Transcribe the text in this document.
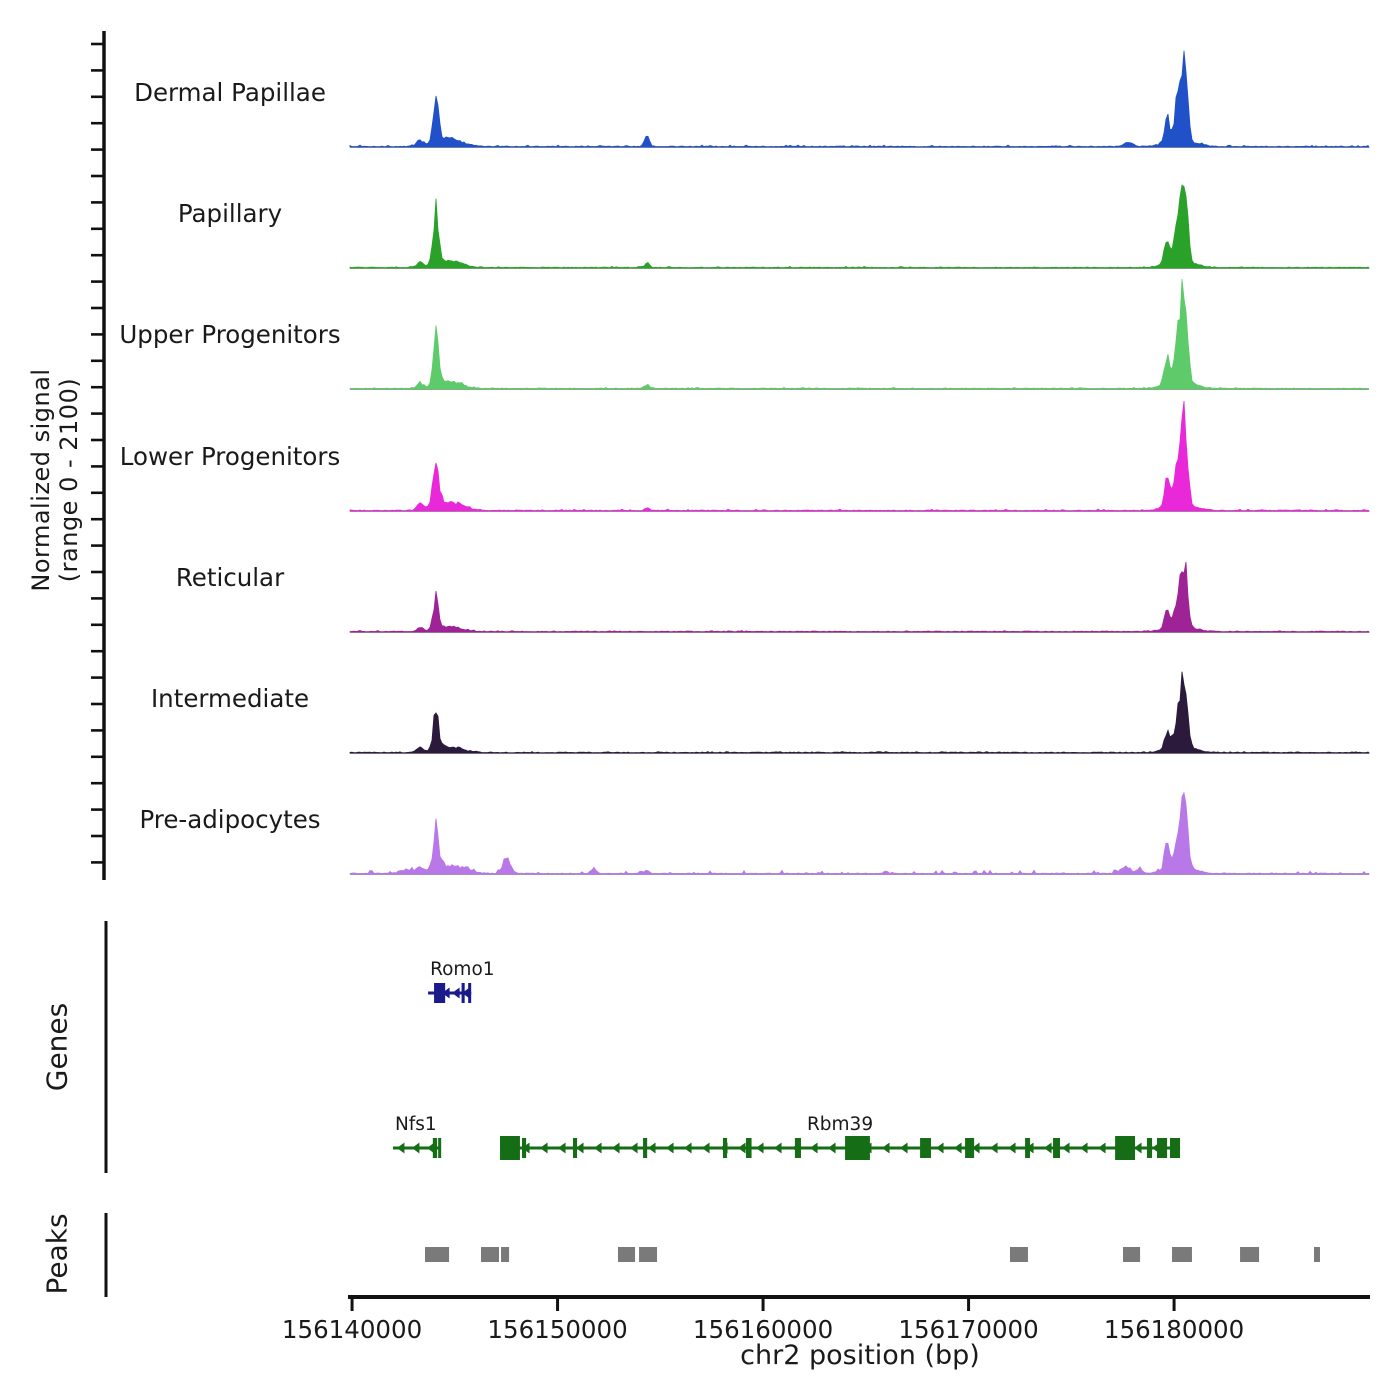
Normalized signal (range 0 - 2100)
Genes
Peaks
chr2 position (bp)
Dermal Papillae
Papillary
Upper Progenitors
Lower Progenitors
Reticular
Intermediate
Pre-adipocytes
Romo1
Nfs1	Rbm39
156140000	156150000	156160000	156170000	156180000
